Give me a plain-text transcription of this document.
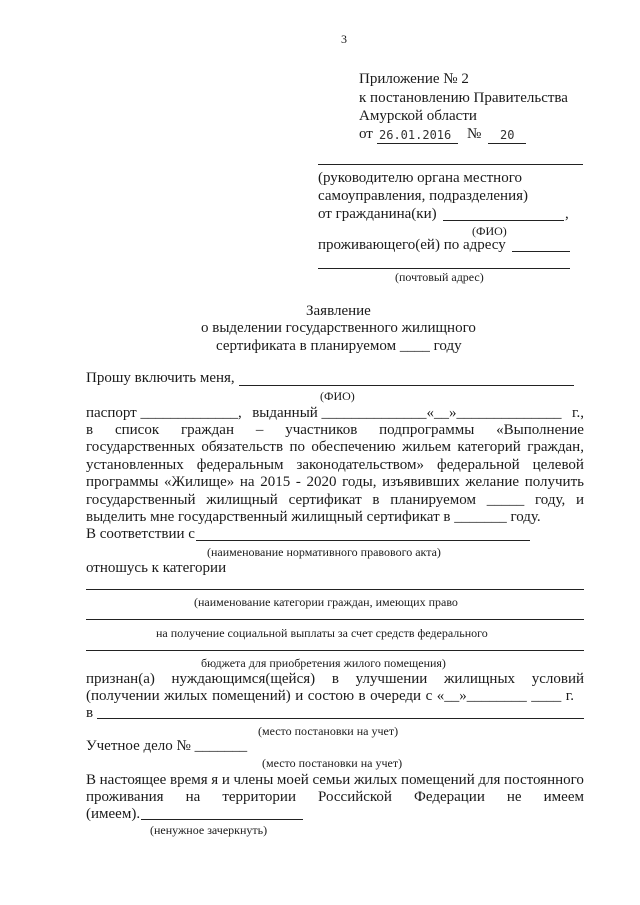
3
Приложение № 2
к постановлению Правительства
Амурской области
от 26.01.2016 № 20
(руководителю органа местного
самоуправления, подразделения)
от гражданина(ки)	,
(ФИО)
проживающего(ей) по адресу
(почтовый адрес)
Заявление
о выделении государственного жилищного
сертификата в планируемом ____ году
Прошу включить меня,
(ФИО)
паспорт _____________, выданный ______________«__»______________ г.,
в список граждан – участников подпрограммы «Выполнение
государственных обязательств по обеспечению жильем категорий граждан,
установленных федеральным законодательством» федеральной целевой
программы «Жилище» на 2015 - 2020 годы, изъявивших желание получить
государственный жилищный сертификат в планируемом _____ году, и
выделить мне государственный жилищный сертификат в _______ году.
В соответствии с
(наименование нормативного правового акта)
отношусь к категории
(наименование категории граждан, имеющих право
на получение социальной выплаты за счет средств федерального
бюджета для приобретения жилого помещения)
признан(а) нуждающимся(щейся) в улучшении жилищных условий
(получении жилых помещений) и состою в очереди с «__»________ ____ г.
в
(место постановки на учет)
Учетное дело № _______
(место постановки на учет)
В настоящее время я и члены моей семьи жилых помещений для постоянного
проживания на территории Российской Федерации не имеем
(имеем).
(ненужное зачеркнуть)
